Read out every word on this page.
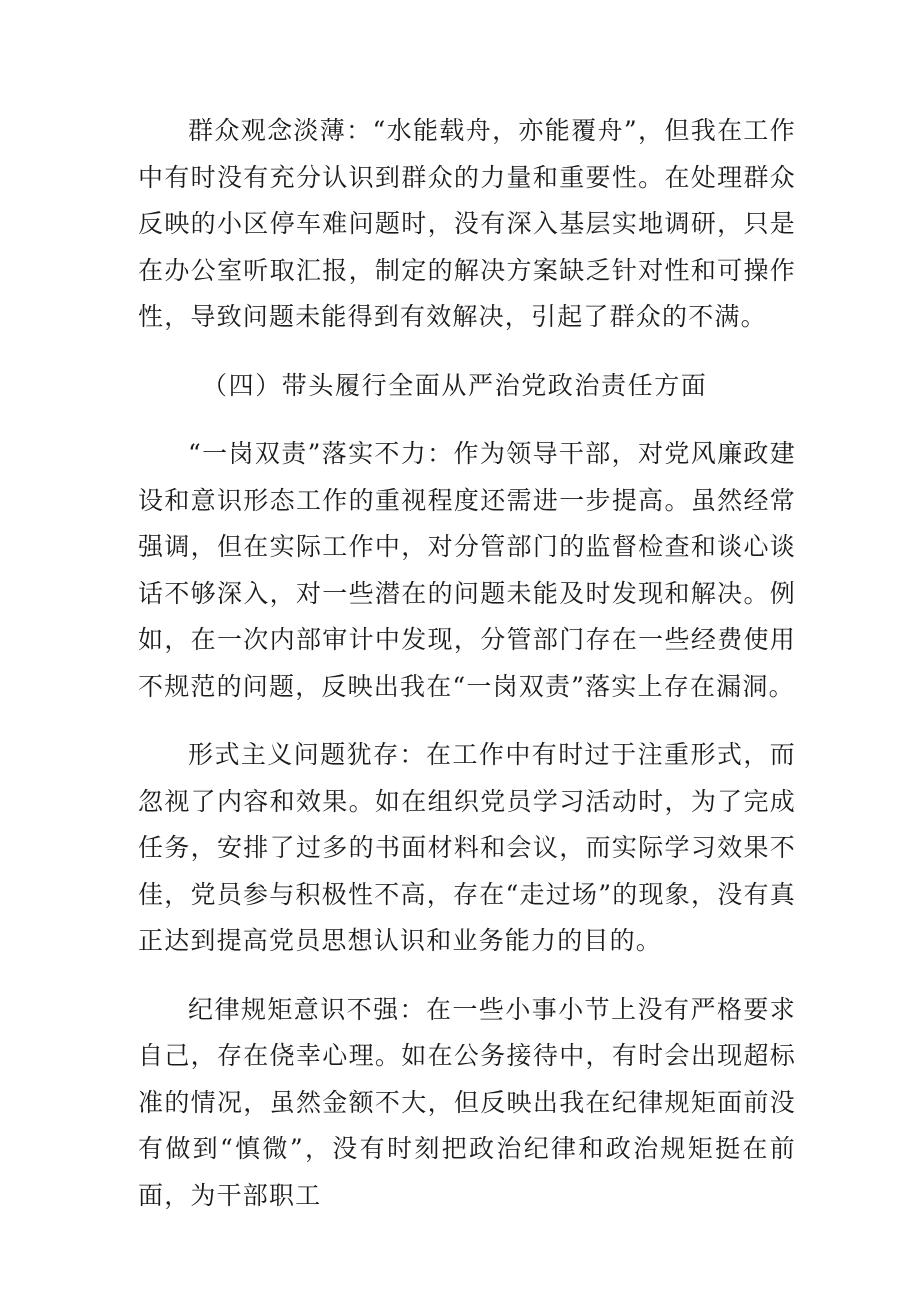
群众观念淡薄：“水能载舟，亦能覆舟”，但我在工作中有时没有充分认识到群众的力量和重要性。在处理群众反映的小区停车难问题时，没有深入基层实地调研，只是在办公室听取汇报，制定的解决方案缺乏针对性和可操作性，导致问题未能得到有效解决，引起了群众的不满。

（四）带头履行全面从严治党政治责任方面

“一岗双责”落实不力：作为领导干部，对党风廉政建设和意识形态工作的重视程度还需进一步提高。虽然经常强调，但在实际工作中，对分管部门的监督检查和谈心谈话不够深入，对一些潜在的问题未能及时发现和解决。例如，在一次内部审计中发现，分管部门存在一些经费使用不规范的问题，反映出我在“一岗双责”落实上存在漏洞。

形式主义问题犹存：在工作中有时过于注重形式，而忽视了内容和效果。如在组织党员学习活动时，为了完成任务，安排了过多的书面材料和会议，而实际学习效果不佳，党员参与积极性不高，存在“走过场”的现象，没有真正达到提高党员思想认识和业务能力的目的。

纪律规矩意识不强：在一些小事小节上没有严格要求自己，存在侥幸心理。如在公务接待中，有时会出现超标准的情况，虽然金额不大，但反映出我在纪律规矩面前没有做到“慎微”，没有时刻把政治纪律和政治规矩挺在前面，为干部职工
